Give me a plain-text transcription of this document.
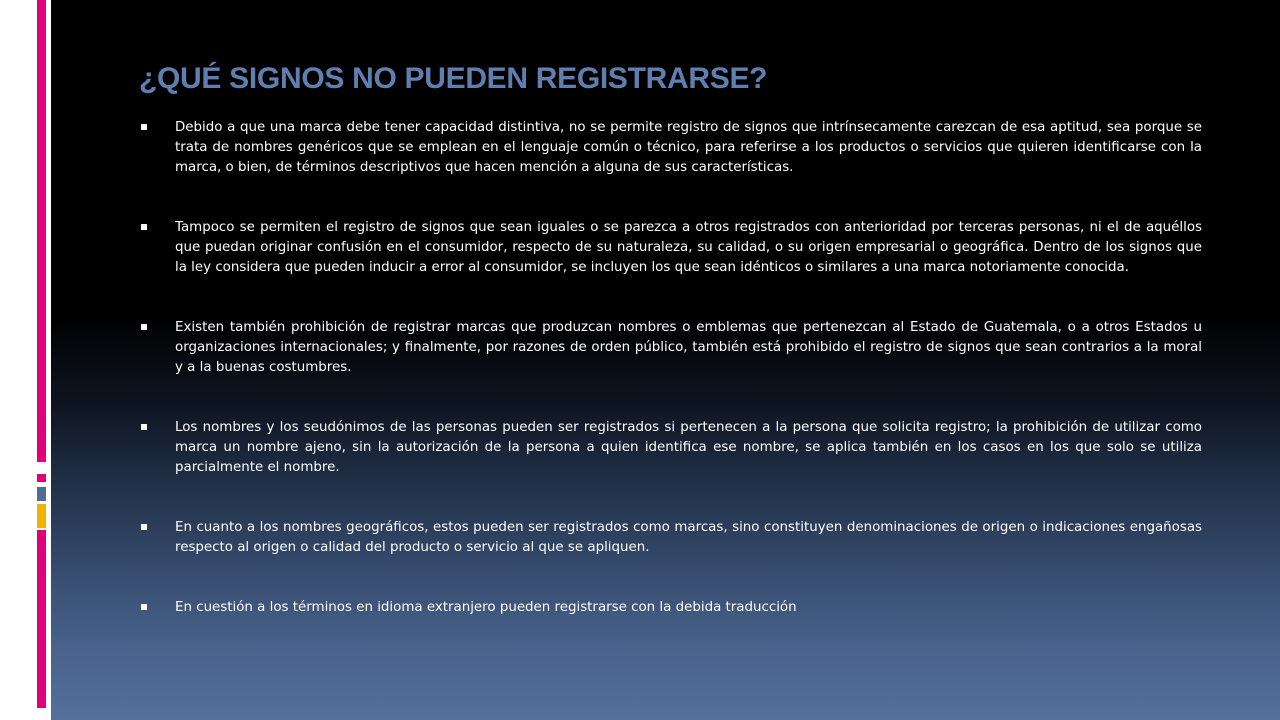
¿QUÉ SIGNOS NO PUEDEN REGISTRARSE?
Debido a que una marca debe tener capacidad distintiva, no se permite registro de signos que intrínsecamente carezcan de esa aptitud, sea porque se trata de nombres genéricos que se emplean en el lenguaje común o técnico, para referirse a los productos o servicios que quieren identificarse con la marca, o bien, de términos descriptivos que hacen mención a alguna de sus características.
Tampoco se permiten el registro de signos que sean iguales o se parezca a otros registrados con anterioridad por terceras personas, ni el de aquéllos que puedan originar confusión en el consumidor, respecto de su naturaleza, su calidad, o su origen empresarial o geográfica. Dentro de los signos que la ley considera que pueden inducir a error al consumidor, se incluyen los que sean idénticos o similares a una marca notoriamente conocida.
Existen también prohibición de registrar marcas que produzcan nombres o emblemas que pertenezcan al Estado de Guatemala, o a otros Estados u organizaciones internacionales; y finalmente, por razones de orden público, también está prohibido el registro de signos que sean contrarios a la moral y a la buenas costumbres.
Los nombres y los seudónimos de las personas pueden ser registrados si pertenecen a la persona que solicita registro; la prohibición de utilizar como marca un nombre ajeno, sin la autorización de la persona a quien identifica ese nombre, se aplica también en los casos en los que solo se utiliza parcialmente el nombre.
En cuanto a los nombres geográficos, estos pueden ser registrados como marcas, sino constituyen denominaciones de origen o indicaciones engañosas respecto al origen o calidad del producto o servicio al que se apliquen.
En cuestión a los términos en idioma extranjero pueden registrarse con la debida traducción
